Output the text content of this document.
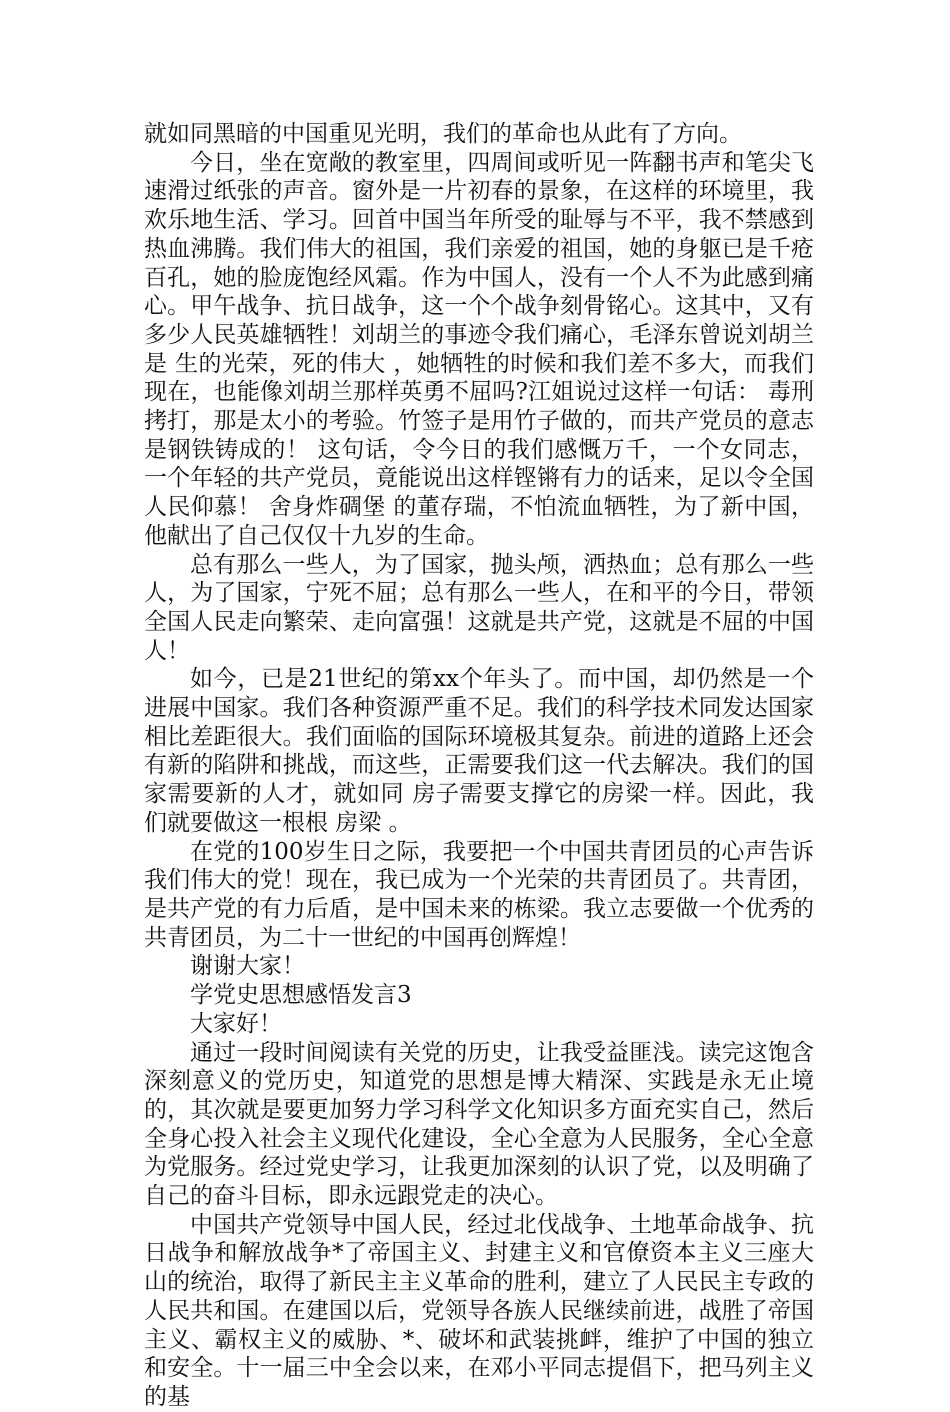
就如同黑暗的中国重见光明，我们的革命也从此有了方向。

今日，坐在宽敞的教室里，四周间或听见一阵翻书声和笔尖飞速滑过纸张的声音。窗外是一片初春的景象，在这样的环境里，我欢乐地生活、学习。回首中国当年所受的耻辱与不平，我不禁感到热血沸腾。我们伟大的祖国，我们亲爱的祖国，她的身躯已是千疮百孔，她的脸庞饱经风霜。作为中国人，没有一个人不为此感到痛心。甲午战争、抗日战争，这一个个战争刻骨铭心。这其中，又有多少人民英雄牺牲！刘胡兰的事迹令我们痛心，毛泽东曾说刘胡兰是 生的光荣，死的伟大 ，她牺牲的时候和我们差不多大，而我们现在，也能像刘胡兰那样英勇不屈吗?江姐说过这样一句话： 毒刑拷打，那是太小的考验。竹签子是用竹子做的，而共产党员的意志是钢铁铸成的！ 这句话，令今日的我们感慨万千，一个女同志，一个年轻的共产党员，竟能说出这样铿锵有力的话来，足以令全国人民仰慕！ 舍身炸碉堡 的董存瑞，不怕流血牺牲，为了新中国，他献出了自己仅仅十九岁的生命。

总有那么一些人，为了国家，抛头颅，洒热血；总有那么一些人，为了国家，宁死不屈；总有那么一些人，在和平的今日，带领全国人民走向繁荣、走向富强！这就是共产党，这就是不屈的中国人！

如今，已是21世纪的第xx个年头了。而中国，却仍然是一个进展中国家。我们各种资源严重不足。我们的科学技术同发达国家相比差距很大。我们面临的国际环境极其复杂。前进的道路上还会有新的陷阱和挑战，而这些，正需要我们这一代去解决。我们的国家需要新的人才，就如同 房子需要支撑它的房梁一样。因此，我们就要做这一根根 房梁 。

在党的100岁生日之际，我要把一个中国共青团员的心声告诉我们伟大的党！现在，我已成为一个光荣的共青团员了。共青团，是共产党的有力后盾，是中国未来的栋梁。我立志要做一个优秀的共青团员，为二十一世纪的中国再创辉煌！

谢谢大家！

学党史思想感悟发言3

大家好！

通过一段时间阅读有关党的历史，让我受益匪浅。读完这饱含深刻意义的党历史，知道党的思想是博大精深、实践是永无止境的，其次就是要更加努力学习科学文化知识多方面充实自己，然后全身心投入社会主义现代化建设，全心全意为人民服务，全心全意为党服务。经过党史学习，让我更加深刻的认识了党，以及明确了自己的奋斗目标，即永远跟党走的决心。

中国共产党领导中国人民，经过北伐战争、土地革命战争、抗日战争和解放战争*了帝国主义、封建主义和官僚资本主义三座大山的统治，取得了新民主主义革命的胜利，建立了人民民主专政的人民共和国。在建国以后，党领导各族人民继续前进，战胜了帝国主义、霸权主义的威胁、*、破坏和武装挑衅，维护了中国的独立和安全。十一届三中全会以来，在邓小平同志提倡下，把马列主义的基
